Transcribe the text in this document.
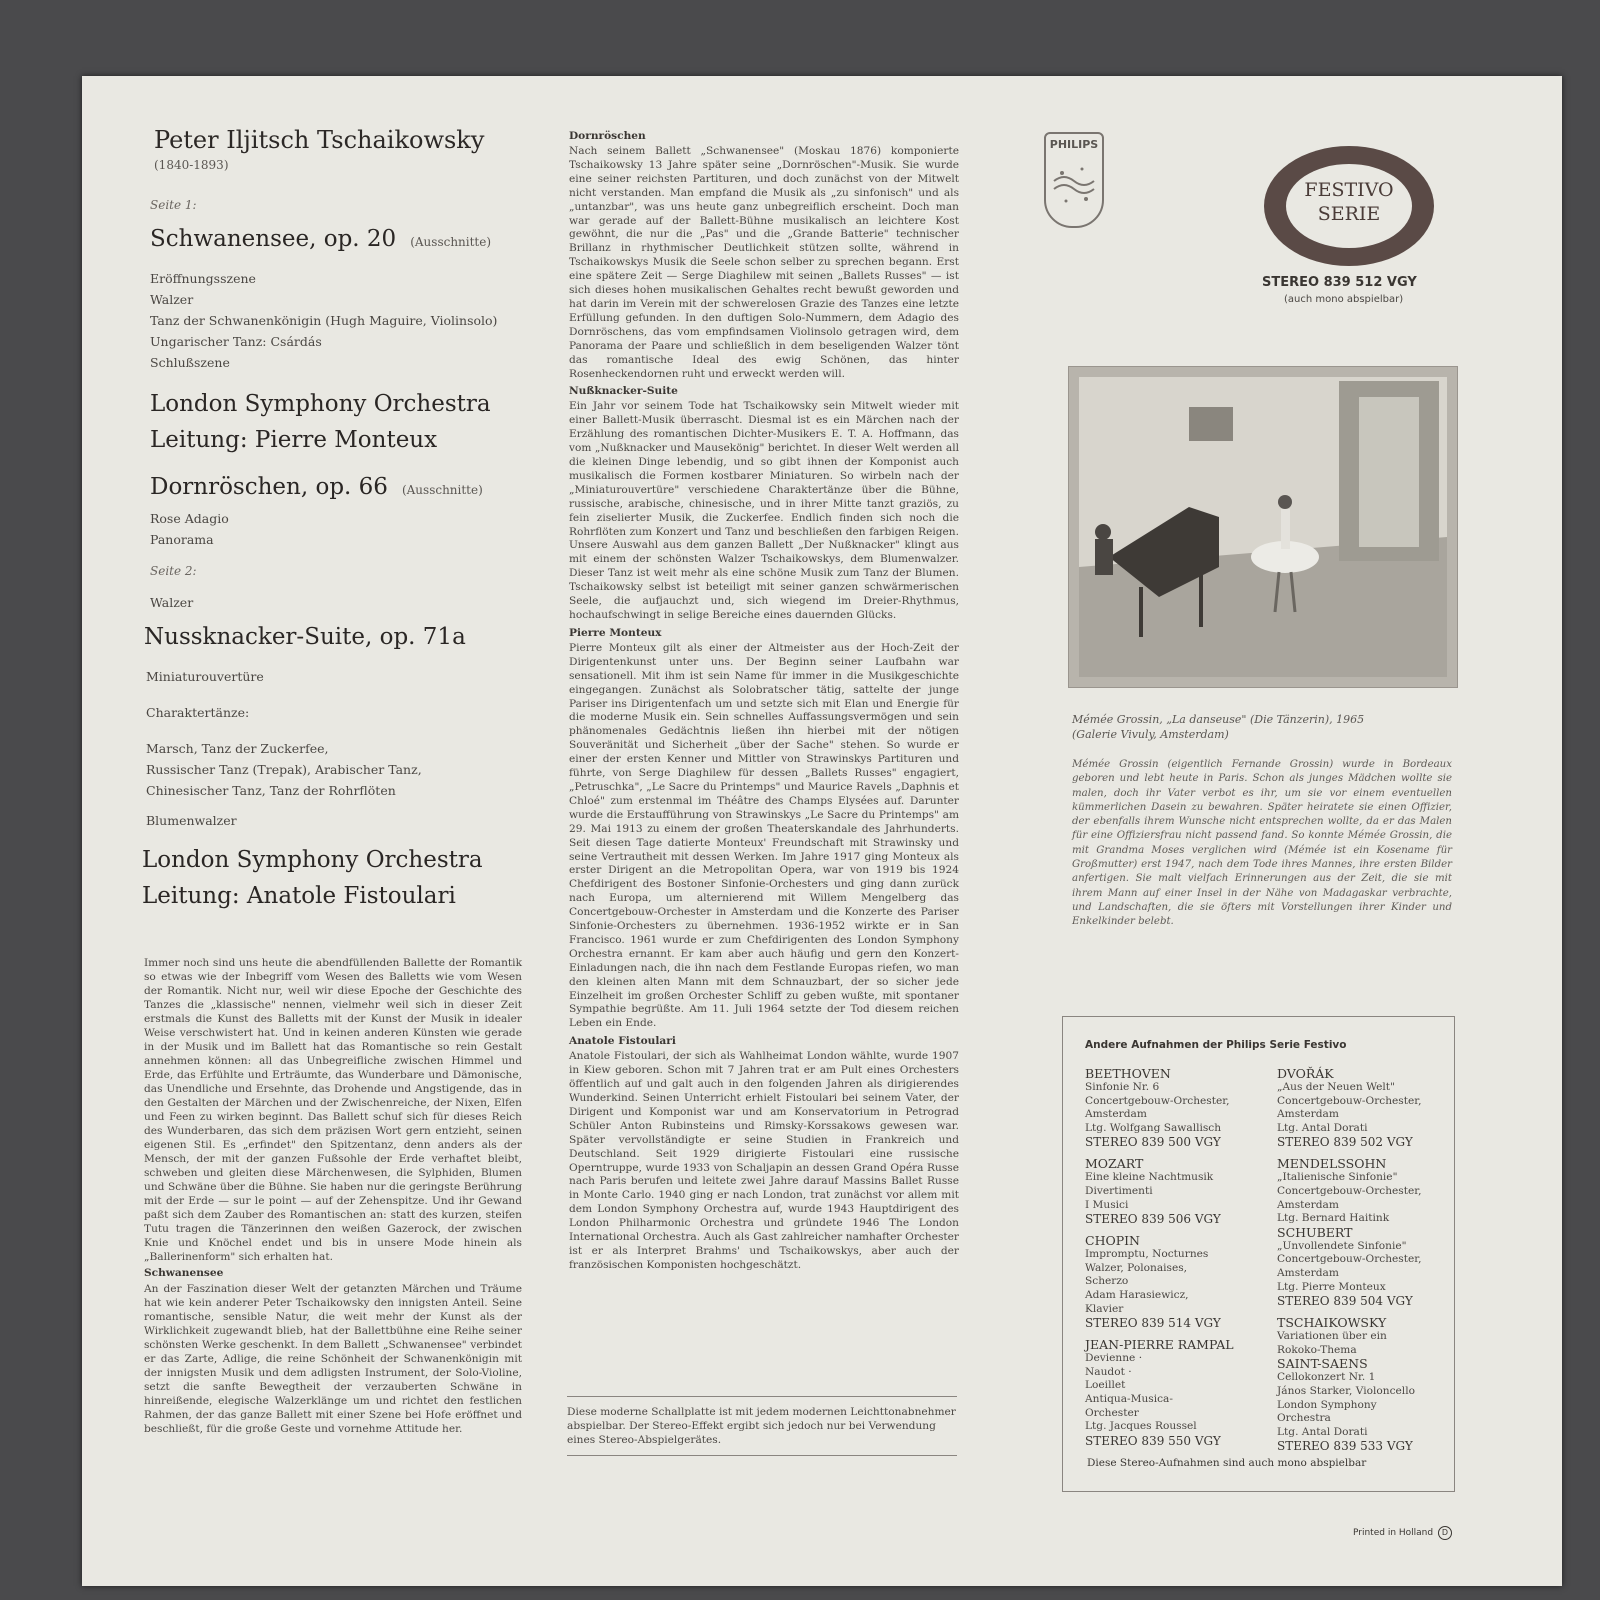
Peter Iljitsch Tschaikowsky
(1840-1893)
Seite 1:
Schwanensee, op. 20 (Ausschnitte)
Eröffnungsszene
Walzer
Tanz der Schwanenkönigin (Hugh Maguire, Violinsolo)
Ungarischer Tanz: Csárdás
Schlußszene
London Symphony Orchestra
Leitung: Pierre Monteux
Dornröschen, op. 66 (Ausschnitte)
Rose Adagio
Panorama
Seite 2:
Walzer
Nussknacker-Suite, op. 71a
Miniaturouvertüre
Charaktertänze:
Marsch, Tanz der Zuckerfee,
Russischer Tanz (Trepak), Arabischer Tanz,
Chinesischer Tanz, Tanz der Rohrflöten
Blumenwalzer
London Symphony Orchestra
Leitung: Anatole Fistoulari

Immer noch sind uns heute die abendfüllenden Ballette der Romantik so etwas wie der Inbegriff vom Wesen des Balletts wie vom Wesen der Romantik. Nicht nur, weil wir diese Epoche der Geschichte des Tanzes die „klassische" nennen, vielmehr weil sich in dieser Zeit erstmals die Kunst des Balletts mit der Kunst der Musik in idealer Weise verschwistert hat. Und in keinen anderen Künsten wie gerade in der Musik und im Ballett hat das Romantische so rein Gestalt annehmen können: all das Unbegreifliche zwischen Himmel und Erde, das Erfühlte und Erträumte, das Wunderbare und Dämonische, das Unendliche und Ersehnte, das Drohende und Angstigende, das in den Gestalten der Märchen und der Zwischenreiche, der Nixen, Elfen und Feen zu wirken beginnt. Das Ballett schuf sich für dieses Reich des Wunderbaren, das sich dem präzisen Wort gern entzieht, seinen eigenen Stil. Es „erfindet" den Spitzentanz, denn anders als der Mensch, der mit der ganzen Fußsohle der Erde verhaftet bleibt, schweben und gleiten diese Märchenwesen, die Sylphiden, Blumen und Schwäne über die Bühne. Sie haben nur die geringste Berührung mit der Erde — sur le point — auf der Zehenspitze. Und ihr Gewand paßt sich dem Zauber des Romantischen an: statt des kurzen, steifen Tutu tragen die Tänzerinnen den weißen Gazerock, der zwischen Knie und Knöchel endet und bis in unsere Mode hinein als „Ballerinenform" sich erhalten hat.

Schwanensee

An der Faszination dieser Welt der getanzten Märchen und Träume hat wie kein anderer Peter Tschaikowsky den innigsten Anteil. Seine romantische, sensible Natur, die weit mehr der Kunst als der Wirklichkeit zugewandt blieb, hat der Ballettbühne eine Reihe seiner schönsten Werke geschenkt. In dem Ballett „Schwanensee" verbindet er das Zarte, Adlige, die reine Schönheit der Schwanenkönigin mit der innigsten Musik und dem adligsten Instrument, der Solo-Violine, setzt die sanfte Bewegtheit der verzauberten Schwäne in hinreißende, elegische Walzerklänge um und richtet den festlichen Rahmen, der das ganze Ballett mit einer Szene bei Hofe eröffnet und beschließt, für die große Geste und vornehme Attitude her.

Dornröschen

Nach seinem Ballett „Schwanensee" (Moskau 1876) komponierte Tschaikowsky 13 Jahre später seine „Dornröschen"-Musik. Sie wurde eine seiner reichsten Partituren, und doch zunächst von der Mitwelt nicht verstanden. Man empfand die Musik als „zu sinfonisch" und als „untanzbar", was uns heute ganz unbegreiflich erscheint. Doch man war gerade auf der Ballett-Bühne musikalisch an leichtere Kost gewöhnt, die nur die „Pas" und die „Grande Batterie" technischer Brillanz in rhythmischer Deutlichkeit stützen sollte, während in Tschaikowskys Musik die Seele schon selber zu sprechen begann. Erst eine spätere Zeit — Serge Diaghilew mit seinen „Ballets Russes" — ist sich dieses hohen musikalischen Gehaltes recht bewußt geworden und hat darin im Verein mit der schwerelosen Grazie des Tanzes eine letzte Erfüllung gefunden. In den duftigen Solo-Nummern, dem Adagio des Dornröschens, das vom empfindsamen Violinsolo getragen wird, dem Panorama der Paare und schließlich in dem beseligenden Walzer tönt das romantische Ideal des ewig Schönen, das hinter Rosenheckendornen ruht und erweckt werden will.

Nußknacker-Suite

Ein Jahr vor seinem Tode hat Tschaikowsky sein Mitwelt wieder mit einer Ballett-Musik überrascht. Diesmal ist es ein Märchen nach der Erzählung des romantischen Dichter-Musikers E. T. A. Hoffmann, das vom „Nußknacker und Mausekönig" berichtet. In dieser Welt werden all die kleinen Dinge lebendig, und so gibt ihnen der Komponist auch musikalisch die Formen kostbarer Miniaturen. So wirbeln nach der „Miniaturouvertüre" verschiedene Charaktertänze über die Bühne, russische, arabische, chinesische, und in ihrer Mitte tanzt graziös, zu fein ziselierter Musik, die Zuckerfee. Endlich finden sich noch die Rohrflöten zum Konzert und Tanz und beschließen den farbigen Reigen. Unsere Auswahl aus dem ganzen Ballett „Der Nußknacker" klingt aus mit einem der schönsten Walzer Tschaikowskys, dem Blumenwalzer. Dieser Tanz ist weit mehr als eine schöne Musik zum Tanz der Blumen. Tschaikowsky selbst ist beteiligt mit seiner ganzen schwärmerischen Seele, die aufjauchzt und, sich wiegend im Dreier-Rhythmus, hochaufschwingt in selige Bereiche eines dauernden Glücks.

Pierre Monteux

Pierre Monteux gilt als einer der Altmeister aus der Hoch-Zeit der Dirigentenkunst unter uns. Der Beginn seiner Laufbahn war sensationell. Mit ihm ist sein Name für immer in die Musikgeschichte eingegangen. Zunächst als Solobratscher tätig, sattelte der junge Pariser ins Dirigentenfach um und setzte sich mit Elan und Energie für die moderne Musik ein. Sein schnelles Auffassungsvermögen und sein phänomenales Gedächtnis ließen ihn hierbei mit der nötigen Souveränität und Sicherheit „über der Sache" stehen. So wurde er einer der ersten Kenner und Mittler von Strawinskys Partituren und führte, von Serge Diaghilew für dessen „Ballets Russes" engagiert, „Petruschka", „Le Sacre du Printemps" und Maurice Ravels „Daphnis et Chloé" zum erstenmal im Théâtre des Champs Elysées auf. Darunter wurde die Erstaufführung von Strawinskys „Le Sacre du Printemps" am 29. Mai 1913 zu einem der großen Theaterskandale des Jahrhunderts. Seit diesen Tage datierte Monteux' Freundschaft mit Strawinsky und seine Vertrautheit mit dessen Werken. Im Jahre 1917 ging Monteux als erster Dirigent an die Metropolitan Opera, war von 1919 bis 1924 Chefdirigent des Bostoner Sinfonie-Orchesters und ging dann zurück nach Europa, um alternierend mit Willem Mengelberg das Concertgebouw-Orchester in Amsterdam und die Konzerte des Pariser Sinfonie-Orchesters zu übernehmen. 1936-1952 wirkte er in San Francisco. 1961 wurde er zum Chefdirigenten des London Symphony Orchestra ernannt. Er kam aber auch häufig und gern den Konzert-Einladungen nach, die ihn nach dem Festlande Europas riefen, wo man den kleinen alten Mann mit dem Schnauzbart, der so sicher jede Einzelheit im großen Orchester Schliff zu geben wußte, mit spontaner Sympathie begrüßte. Am 11. Juli 1964 setzte der Tod diesem reichen Leben ein Ende.

Anatole Fistoulari

Anatole Fistoulari, der sich als Wahlheimat London wählte, wurde 1907 in Kiew geboren. Schon mit 7 Jahren trat er am Pult eines Orchesters öffentlich auf und galt auch in den folgenden Jahren als dirigierendes Wunderkind. Seinen Unterricht erhielt Fistoulari bei seinem Vater, der Dirigent und Komponist war und am Konservatorium in Petrograd Schüler Anton Rubinsteins und Rimsky-Korssakows gewesen war. Später vervollständigte er seine Studien in Frankreich und Deutschland. Seit 1929 dirigierte Fistoulari eine russische Operntruppe, wurde 1933 von Schaljapin an dessen Grand Opéra Russe nach Paris berufen und leitete zwei Jahre darauf Massins Ballet Russe in Monte Carlo. 1940 ging er nach London, trat zunächst vor allem mit dem London Symphony Orchestra auf, wurde 1943 Hauptdirigent des London Philharmonic Orchestra und gründete 1946 The London International Orchestra. Auch als Gast zahlreicher namhafter Orchester ist er als Interpret Brahms' und Tschaikowskys, aber auch der französischen Komponisten hochgeschätzt.

Diese moderne Schallplatte ist mit jedem modernen Leichttonabnehmer abspielbar. Der Stereo-Effekt ergibt sich jedoch nur bei Verwendung eines Stereo-Abspielgerätes.
PHILIPS
FESTIVO
SERIE
STEREO 839 512 VGY
(auch mono abspielbar)
Mémée Grossin, „La danseuse" (Die Tänzerin), 1965
(Galerie Vivuly, Amsterdam)
Mémée Grossin (eigentlich Fernande Grossin) wurde in Bordeaux geboren und lebt heute in Paris. Schon als junges Mädchen wollte sie malen, doch ihr Vater verbot es ihr, um sie vor einem eventuellen kümmerlichen Dasein zu bewahren. Später heiratete sie einen Offizier, der ebenfalls ihrem Wunsche nicht entsprechen wollte, da er das Malen für eine Offiziersfrau nicht passend fand. So konnte Mémée Grossin, die mit Grandma Moses verglichen wird (Mémée ist ein Kosename für Großmutter) erst 1947, nach dem Tode ihres Mannes, ihre ersten Bilder anfertigen. Sie malt vielfach Erinnerungen aus der Zeit, die sie mit ihrem Mann auf einer Insel in der Nähe von Madagaskar verbrachte, und Landschaften, die sie öfters mit Vorstellungen ihrer Kinder und Enkelkinder belebt.
Andere Aufnahmen der Philips Serie Festivo
BEETHOVEN
Sinfonie Nr. 6
Concertgebouw-Orchester,
Amsterdam
Ltg. Wolfgang Sawallisch
STEREO 839 500 VGY
MOZART
Eine kleine Nachtmusik
Divertimenti
I Musici
STEREO 839 506 VGY
CHOPIN
Impromptu, Nocturnes
Walzer, Polonaises,
Scherzo
Adam Harasiewicz,
Klavier
STEREO 839 514 VGY
JEAN-PIERRE RAMPAL
Devienne ·
Naudot ·
Loeillet
Antiqua-Musica-
Orchester
Ltg. Jacques Roussel
STEREO 839 550 VGY
DVOŘÁK
„Aus der Neuen Welt"
Concertgebouw-Orchester,
Amsterdam
Ltg. Antal Dorati
STEREO 839 502 VGY
MENDELSSOHN
„Italienische Sinfonie"
Concertgebouw-Orchester,
Amsterdam
Ltg. Bernard Haitink
SCHUBERT
„Unvollendete Sinfonie"
Concertgebouw-Orchester,
Amsterdam
Ltg. Pierre Monteux
STEREO 839 504 VGY
TSCHAIKOWSKY
Variationen über ein
Rokoko-Thema
SAINT-SAENS
Cellokonzert Nr. 1
János Starker, Violoncello
London Symphony
Orchestra
Ltg. Antal Dorati
STEREO 839 533 VGY
Diese Stereo-Aufnahmen sind auch mono abspielbar
Printed in Holland D
